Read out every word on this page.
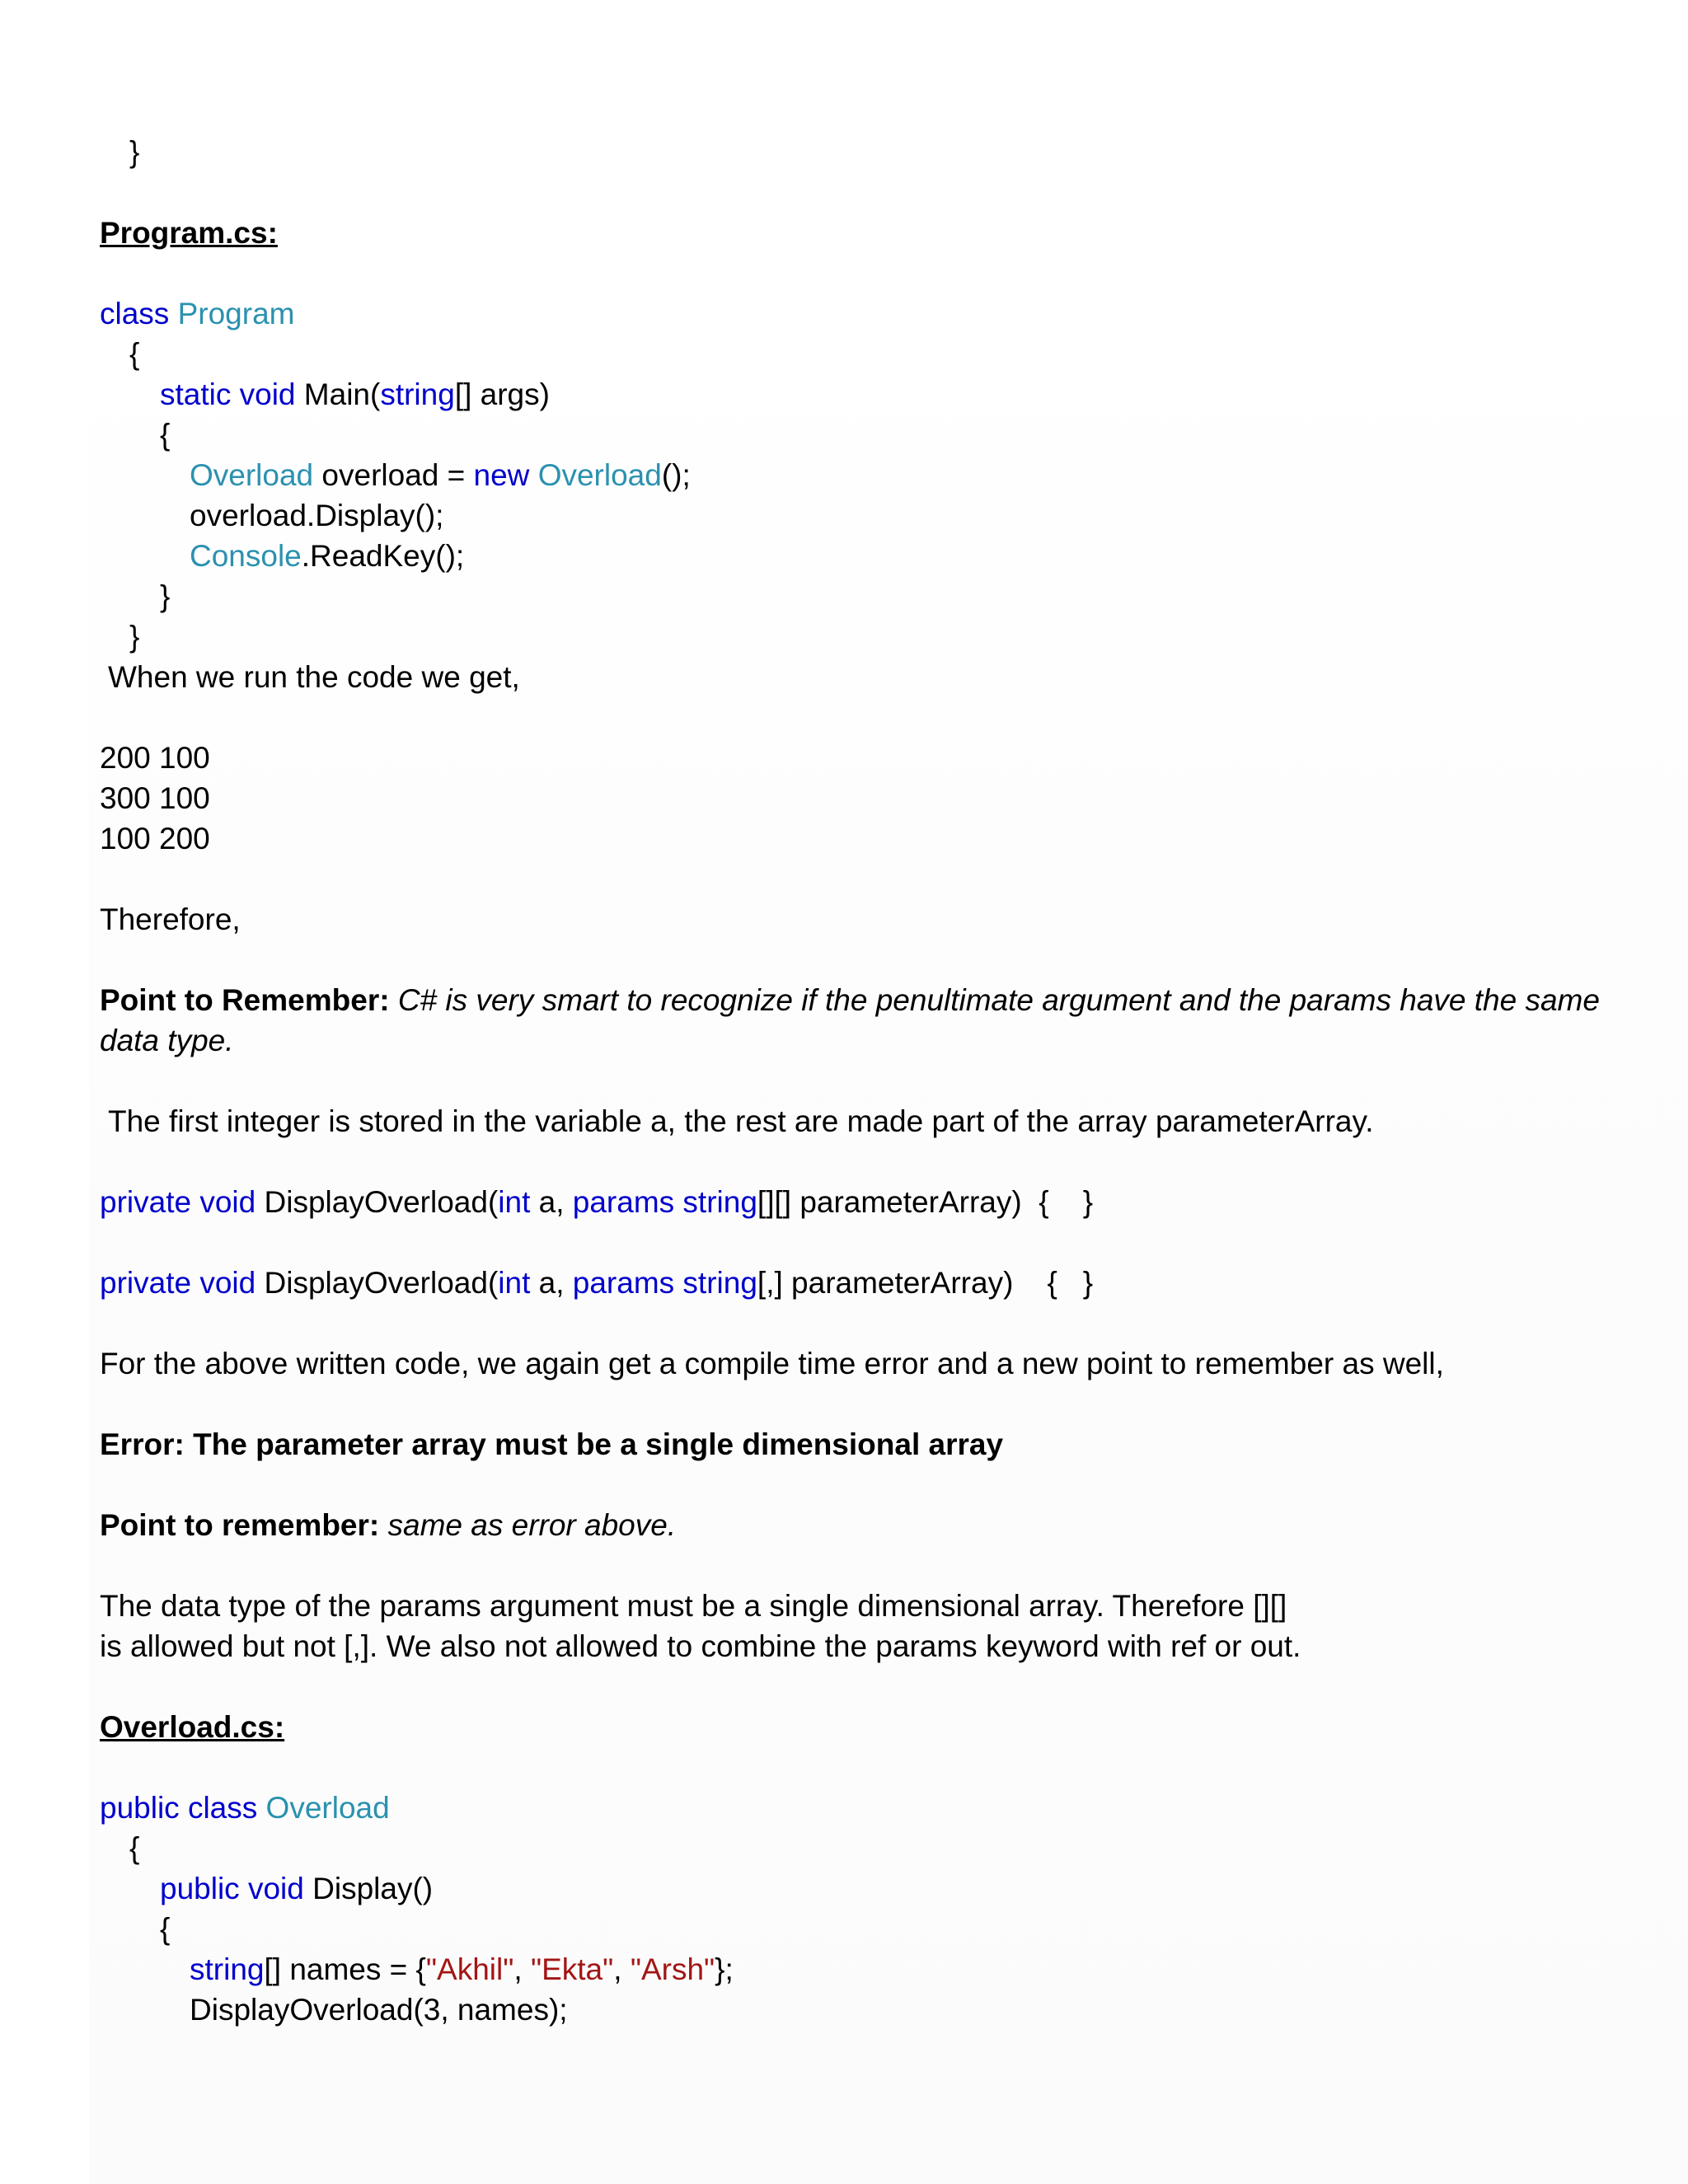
}
Program.cs:
class Program
{
static void Main(string[] args)
{
Overload overload = new Overload();
overload.Display();
Console.ReadKey();
}
}
When we run the code we get,
200 100
300 100
100 200
Therefore,
Point to Remember: C# is very smart to recognize if the penultimate argument and the params have the same data type.
The first integer is stored in the variable a, the rest are made part of the array parameterArray.
private void DisplayOverload(int a, params string[][] parameterArray)  {    }
private void DisplayOverload(int a, params string[,] parameterArray)    {   }
For the above written code, we again get a compile time error and a new point to remember as well,
Error: The parameter array must be a single dimensional array
Point to remember: same as error above.
The data type of the params argument must be a single dimensional array. Therefore [][]
is allowed but not [,]. We also not allowed to combine the params keyword with ref or out.
Overload.cs:
public class Overload
{
public void Display()
{
string[] names = {"Akhil", "Ekta", "Arsh"};
DisplayOverload(3, names);
